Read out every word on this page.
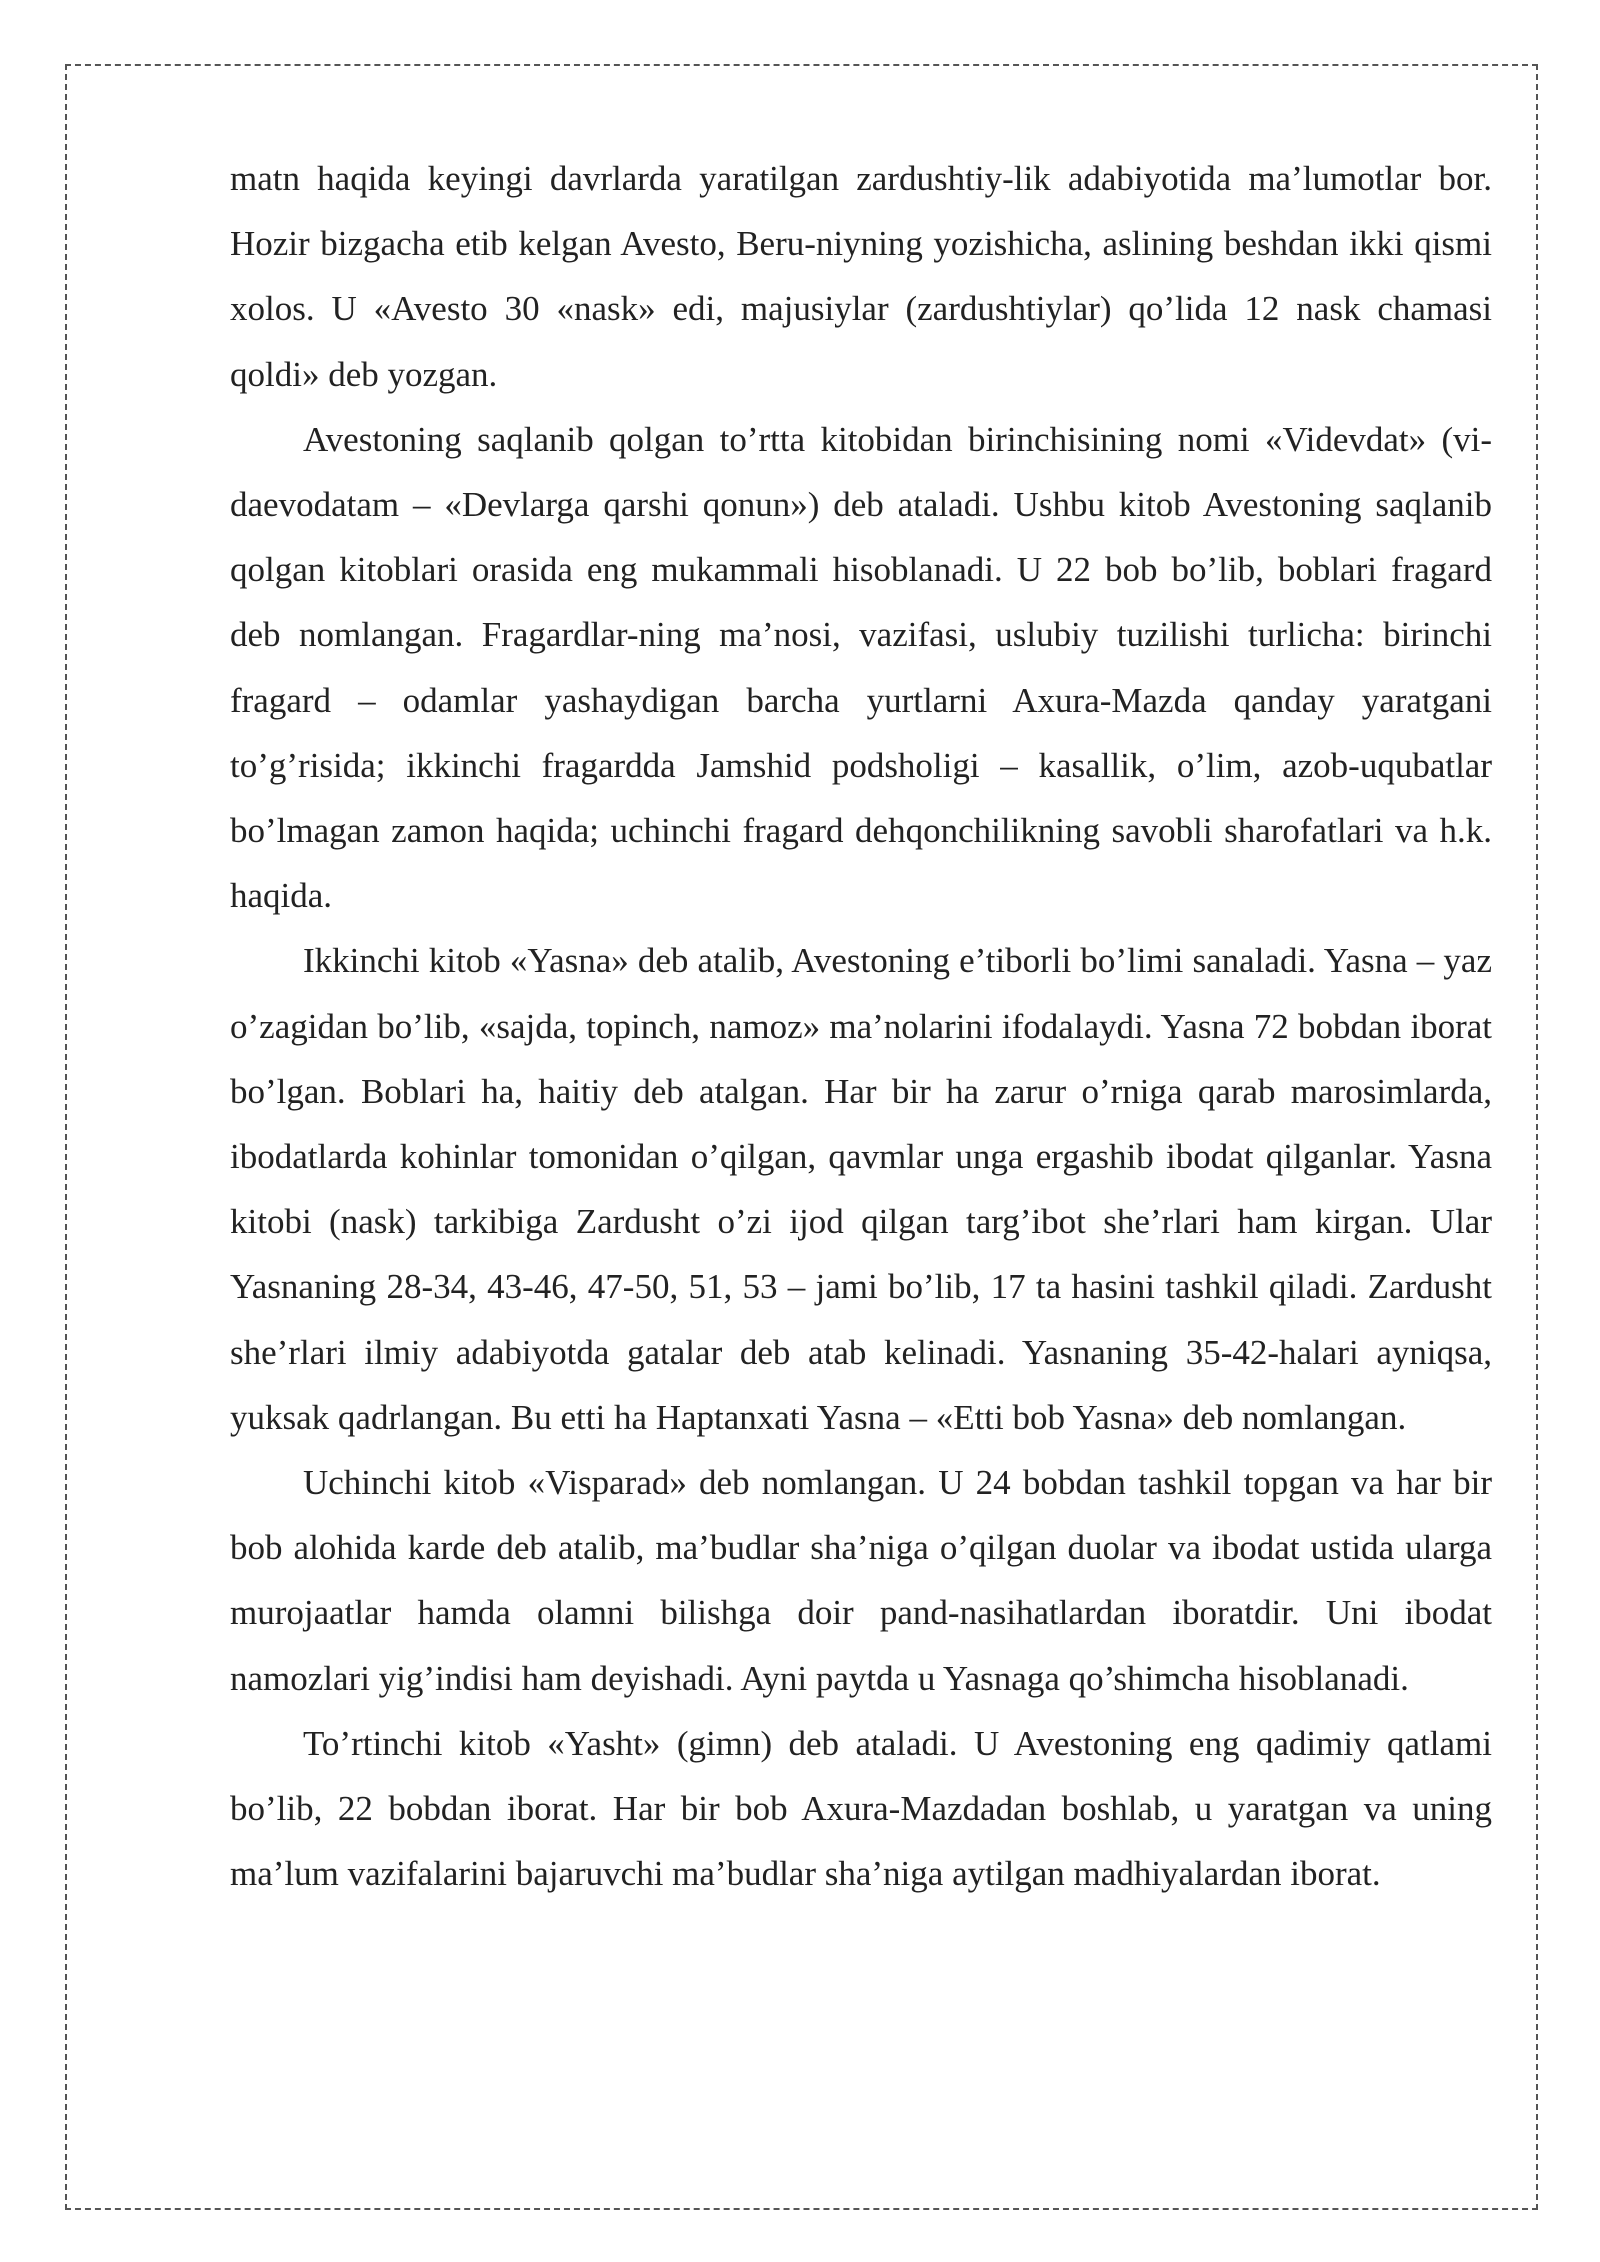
matn haqida keyingi davrlarda yaratilgan zardushtiy-lik adabiyotida ma’lumotlar bor. Hozir bizgacha etib kelgan Avesto, Beru-niyning yozishicha, aslining beshdan ikki qismi xolos. U «Avesto 30 «nask» edi, majusiylar (zardushtiylar) qo’lida 12 nask chamasi qoldi» deb yozgan.

Avestoning saqlanib qolgan to’rtta kitobidan birinchisining nomi «Videvdat» (vi-daevodatam – «Devlarga qarshi qonun») deb ataladi. Ushbu kitob Avestoning saqlanib qolgan kitoblari orasida eng mukammali hisoblanadi. U 22 bob bo’lib, boblari fragard deb nomlangan. Fragardlar-ning ma’nosi, vazifasi, uslubiy tuzilishi turlicha: birinchi fragard – odamlar yashaydigan barcha yurtlarni Axura-Mazda qanday yaratgani to’g’risida; ikkinchi fragardda Jamshid podsholigi – kasallik, o’lim, azob-uqubatlar bo’lmagan zamon haqida; uchinchi fragard dehqonchilikning savobli sharofatlari va h.k. haqida.

Ikkinchi kitob «Yasna» deb atalib, Avestoning e’tiborli bo’limi sanaladi. Yasna – yaz o’zagidan bo’lib, «sajda, topinch, namoz» ma’nolarini ifodalaydi. Yasna 72 bobdan iborat bo’lgan. Boblari ha, haitiy deb atalgan. Har bir ha zarur o’rniga qarab marosimlarda, ibodatlarda kohinlar tomonidan o’qilgan, qavmlar unga ergashib ibodat qilganlar. Yasna kitobi (nask) tarkibiga Zardusht o’zi ijod qilgan targ’ibot she’rlari ham kirgan. Ular Yasnaning 28-34, 43-46, 47-50, 51, 53 – jami bo’lib, 17 ta hasini tashkil qiladi. Zardusht she’rlari ilmiy adabiyotda gatalar deb atab kelinadi. Yasnaning 35-42-halari ayniqsa, yuksak qadrlangan. Bu etti ha Haptanxati Yasna – «Etti bob Yasna» deb nomlangan.

Uchinchi kitob «Visparad» deb nomlangan. U 24 bobdan tashkil topgan va har bir bob alohida karde deb atalib, ma’budlar sha’niga o’qilgan duolar va ibodat ustida ularga murojaatlar hamda olamni bilishga doir pand-nasihatlardan iboratdir. Uni ibodat namozlari yig’indisi ham deyishadi. Ayni paytda u Yasnaga qo’shimcha hisoblanadi.

To’rtinchi kitob «Yasht» (gimn) deb ataladi. U Avestoning eng qadimiy qatlami bo’lib, 22 bobdan iborat. Har bir bob Axura-Mazdadan boshlab, u yaratgan va uning ma’lum vazifalarini bajaruvchi ma’budlar sha’niga aytilgan madhiyalardan iborat.
